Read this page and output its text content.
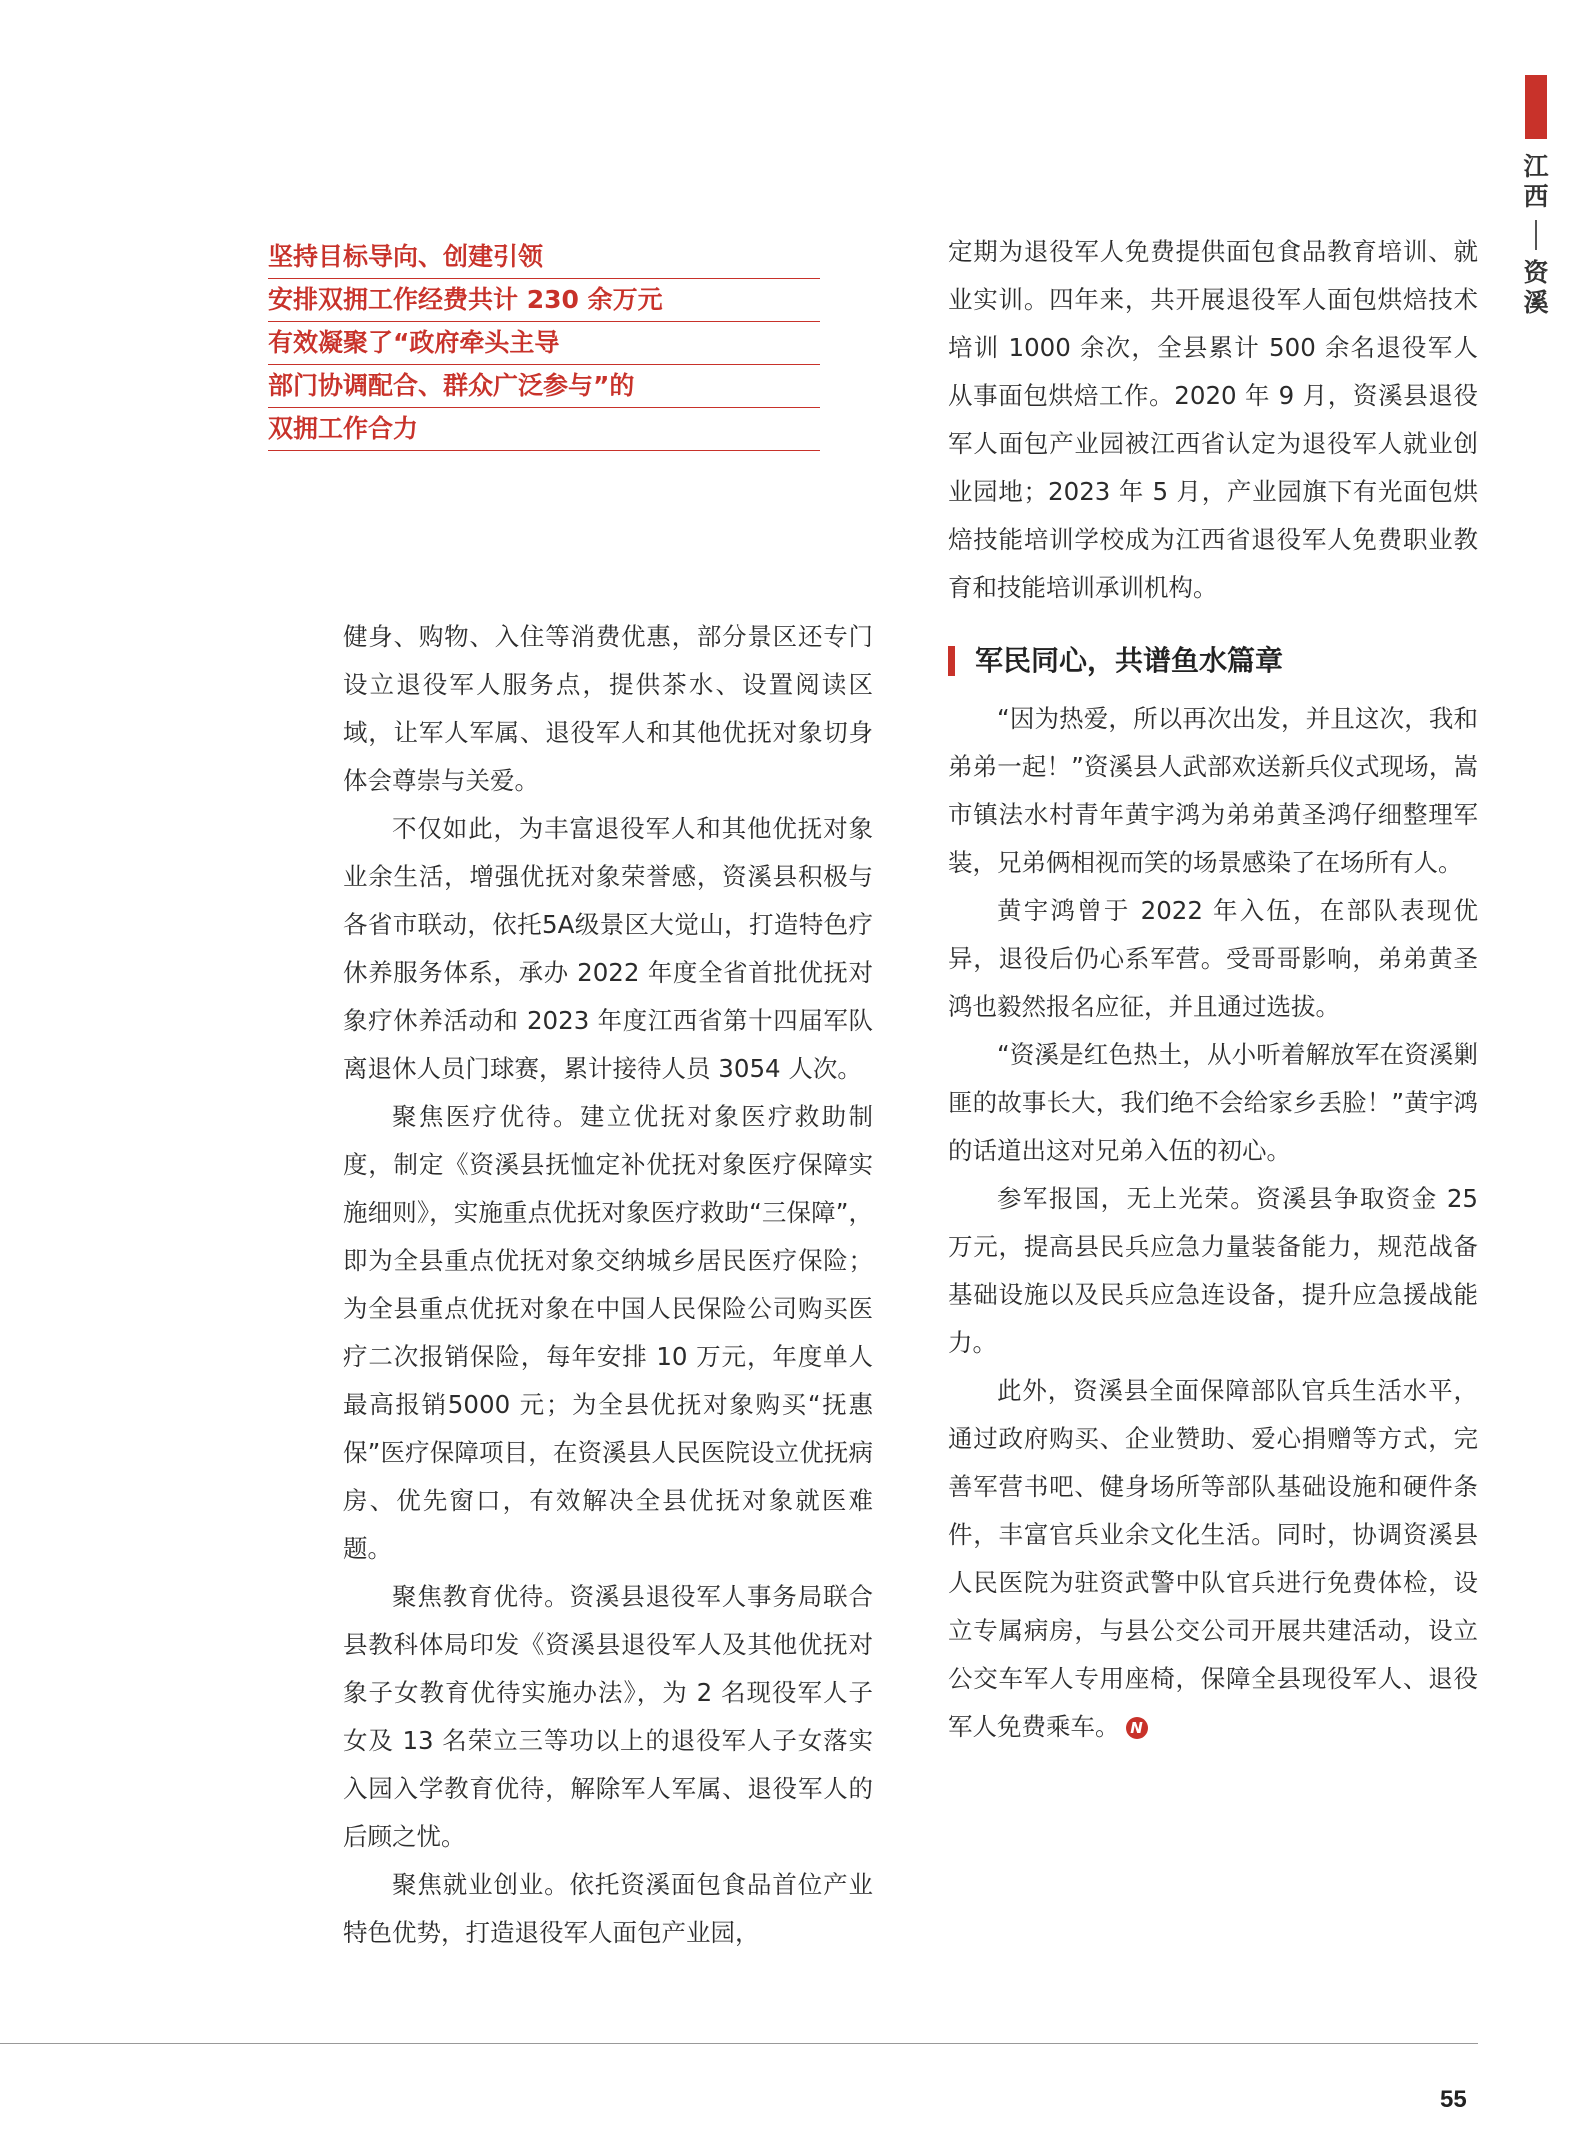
江西
资溪
坚持目标导向、创建引领
安排双拥工作经费共计 230 余万元
有效凝聚了“政府牵头主导
部门协调配合、群众广泛参与”的
双拥工作合力

健身、购物、入住等消费优惠，部分景区还专门设立退役军人服务点，提供茶水、设置阅读区域，让军人军属、退役军人和其他优抚对象切身体会尊崇与关爱。

不仅如此，为丰富退役军人和其他优抚对象业余生活，增强优抚对象荣誉感，资溪县积极与各省市联动，依托5A级景区大觉山，打造特色疗休养服务体系，承办 2022 年度全省首批优抚对象疗休养活动和 2023 年度江西省第十四届军队离退休人员门球赛，累计接待人员 3054 人次。

聚焦医疗优待。建立优抚对象医疗救助制度，制定《资溪县抚恤定补优抚对象医疗保障实施细则》，实施重点优抚对象医疗救助“三保障”，即为全县重点优抚对象交纳城乡居民医疗保险；为全县重点优抚对象在中国人民保险公司购买医疗二次报销保险，每年安排 10 万元，年度单人最高报销5000 元；为全县优抚对象购买“抚惠保”医疗保障项目，在资溪县人民医院设立优抚病房、优先窗口，有效解决全县优抚对象就医难题。

聚焦教育优待。资溪县退役军人事务局联合县教科体局印发《资溪县退役军人及其他优抚对象子女教育优待实施办法》，为 2 名现役军人子女及 13 名荣立三等功以上的退役军人子女落实入园入学教育优待，解除军人军属、退役军人的后顾之忧。

聚焦就业创业。依托资溪面包食品首位产业特色优势，打造退役军人面包产业园，

定期为退役军人免费提供面包食品教育培训、就业实训。四年来，共开展退役军人面包烘焙技术培训 1000 余次，全县累计 500 余名退役军人从事面包烘焙工作。2020 年 9 月，资溪县退役军人面包产业园被江西省认定为退役军人就业创业园地；2023 年 5 月，产业园旗下有光面包烘焙技能培训学校成为江西省退役军人免费职业教育和技能培训承训机构。

军民同心，共谱鱼水篇章

“因为热爱，所以再次出发，并且这次，我和弟弟一起！”资溪县人武部欢送新兵仪式现场，嵩市镇法水村青年黄宇鸿为弟弟黄圣鸿仔细整理军装，兄弟俩相视而笑的场景感染了在场所有人。

黄宇鸿曾于 2022 年入伍，在部队表现优异，退役后仍心系军营。受哥哥影响，弟弟黄圣鸿也毅然报名应征，并且通过选拔。

“资溪是红色热土，从小听着解放军在资溪剿匪的故事长大，我们绝不会给家乡丢脸！”黄宇鸿的话道出这对兄弟入伍的初心。

参军报国，无上光荣。资溪县争取资金 25 万元，提高县民兵应急力量装备能力，规范战备基础设施以及民兵应急连设备，提升应急援战能力。

此外，资溪县全面保障部队官兵生活水平，通过政府购买、企业赞助、爱心捐赠等方式，完善军营书吧、健身场所等部队基础设施和硬件条件，丰富官兵业余文化生活。同时，协调资溪县人民医院为驻资武警中队官兵进行免费体检，设立专属病房，与县公交公司开展共建活动，设立公交车军人专用座椅，保障全县现役军人、退役军人免费乘车。 N

55
